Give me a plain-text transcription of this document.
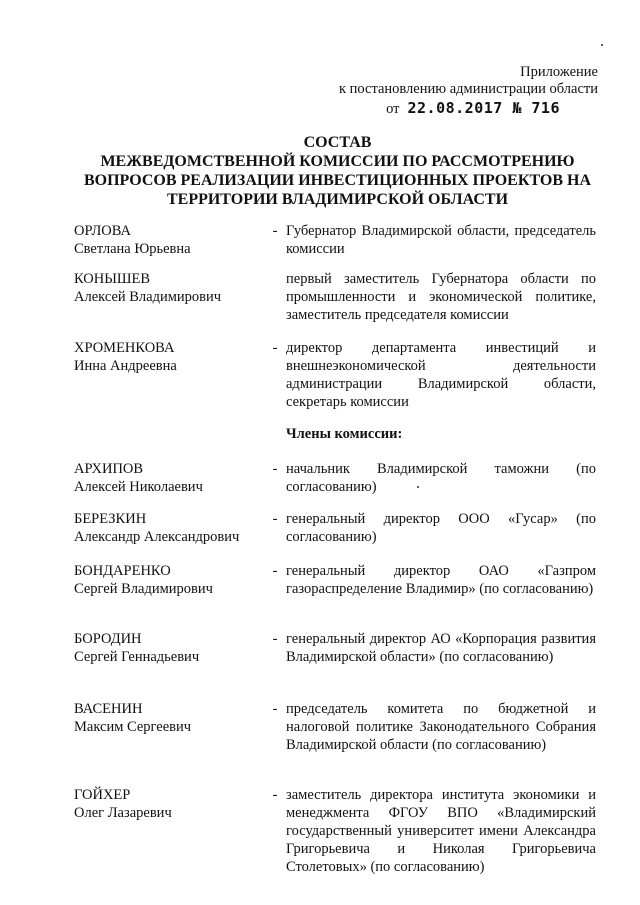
Приложение
к постановлению администрации области
от 22.08.2017 № 716
СОСТАВ
МЕЖВЕДОМСТВЕННОЙ КОМИССИИ ПО РАССМОТРЕНИЮ
ВОПРОСОВ РЕАЛИЗАЦИИ ИНВЕСТИЦИОННЫХ ПРОЕКТОВ НА
ТЕРРИТОРИИ ВЛАДИМИРСКОЙ ОБЛАСТИ
ОРЛОВА
Светлана Юрьевна
- Губернатор Владимирской области, председатель комиссии
КОНЫШЕВ
Алексей Владимирович
первый заместитель Губернатора области по промышленности и экономической политике, заместитель председателя комиссии
ХРОМЕНКОВА
Инна Андреевна
- директор департамента инвестиций и внешнеэкономической деятельности администрации Владимирской области, секретарь комиссии
Члены комиссии:
АРХИПОВ
Алексей Николаевич
- начальник Владимирской таможни (по согласованию)
БЕРЕЗКИН
Александр Александрович
- генеральный директор ООО «Гусар» (по согласованию)
БОНДАРЕНКО
Сергей Владимирович
- генеральный директор ОАО «Газпром газораспределение Владимир» (по согласованию)
БОРОДИН
Сергей Геннадьевич
- генеральный директор АО «Корпорация развития Владимирской области» (по согласованию)
ВАСЕНИН
Максим Сергеевич
- председатель комитета по бюджетной и налоговой политике Законодательного Собрания Владимирской области (по согласованию)
ГОЙХЕР
Олег Лазаревич
- заместитель директора института экономики и менеджмента ФГОУ ВПО «Владимирский государственный университет имени Александра Григорьевича и Николая Григорьевича Столетовых» (по согласованию)
